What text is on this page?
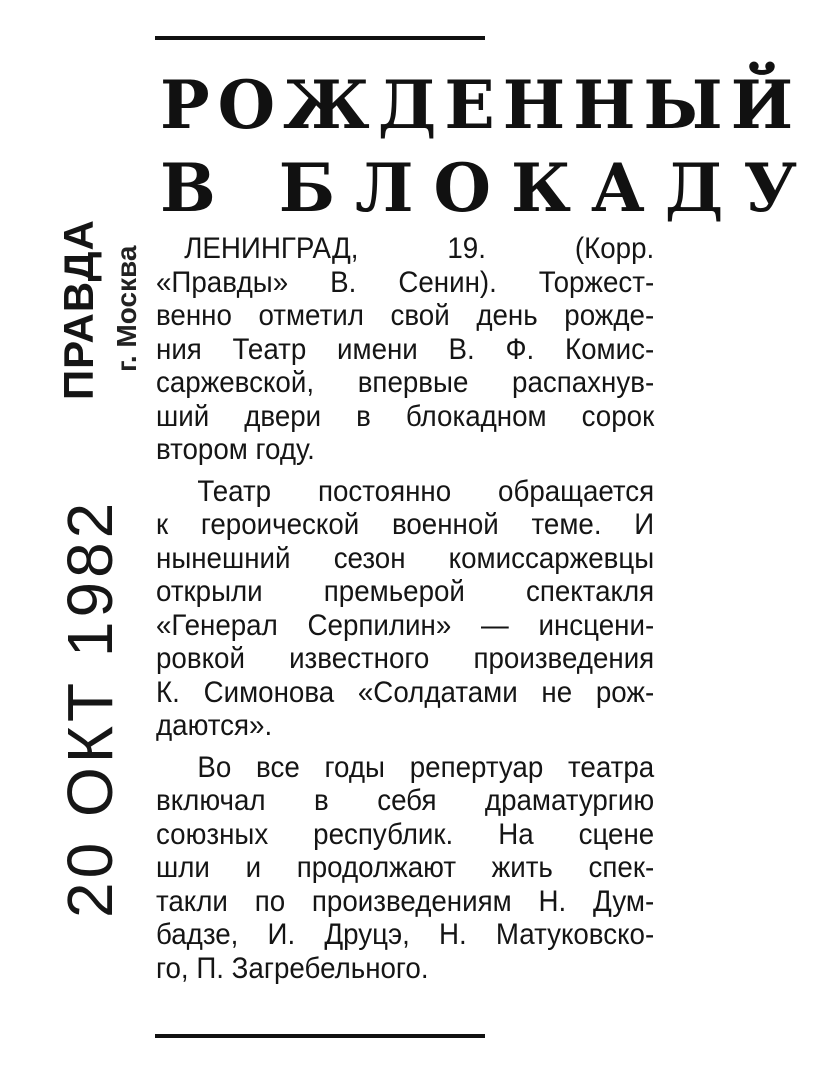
РОЖДЕННЫЙ
В БЛОКАДУ
ПРАВДА г. Москва
20 ОКТ 1982
ЛЕНИНГРАД, 19. (Корр.
«Правды» В. Сенин). Торжест-
венно отметил свой день рожде-
ния Театр имени В. Ф. Комис-
саржевской, впервые распахнув-
ший двери в блокадном сорок
втором году.
Театр постоянно обращается
к героической военной теме. И
нынешний сезон комиссаржевцы
открыли премьерой спектакля
«Генерал Серпилин» — инсцени-
ровкой известного произведения
К. Симонова «Солдатами не рож-
даются».
Во все годы репертуар театра
включал в себя драматургию
союзных республик. На сцене
шли и продолжают жить спек-
такли по произведениям Н. Дум-
бадзе, И. Друцэ, Н. Матуковско-
го, П. Загребельного.
